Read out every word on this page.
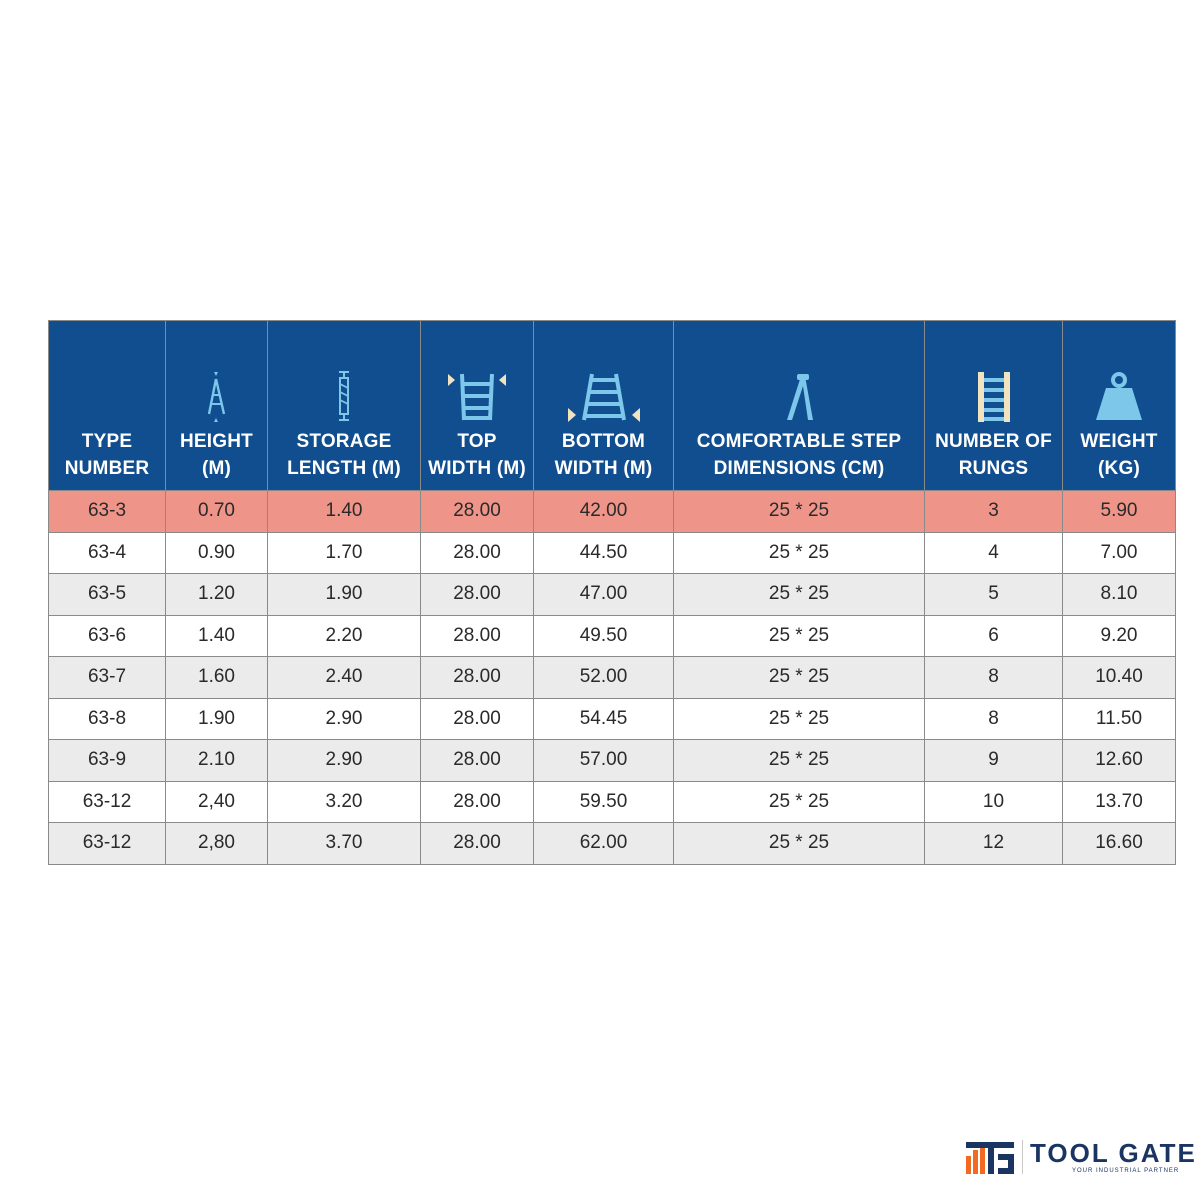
TYPE NUMBER	HEIGHT (M)	STORAGE LENGTH (M)	TOP WIDTH (M)	BOTTOM WIDTH (M)	COMFORTABLE STEP DIMENSIONS (CM)	NUMBER OF RUNGS	WEIGHT (KG)

63-3	0.70	1.40	28.00	42.00	25 * 25	3	5.90
63-4	0.90	1.70	28.00	44.50	25 * 25	4	7.00
63-5	1.20	1.90	28.00	47.00	25 * 25	5	8.10
63-6	1.40	2.20	28.00	49.50	25 * 25	6	9.20
63-7	1.60	2.40	28.00	52.00	25 * 25	8	10.40
63-8	1.90	2.90	28.00	54.45	25 * 25	8	11.50
63-9	2.10	2.90	28.00	57.00	25 * 25	9	12.60
63-12	2,40	3.20	28.00	59.50	25 * 25	10	13.70
63-12	2,80	3.70	28.00	62.00	25 * 25	12	16.60
TOOL GATE
YOUR INDUSTRIAL PARTNER
